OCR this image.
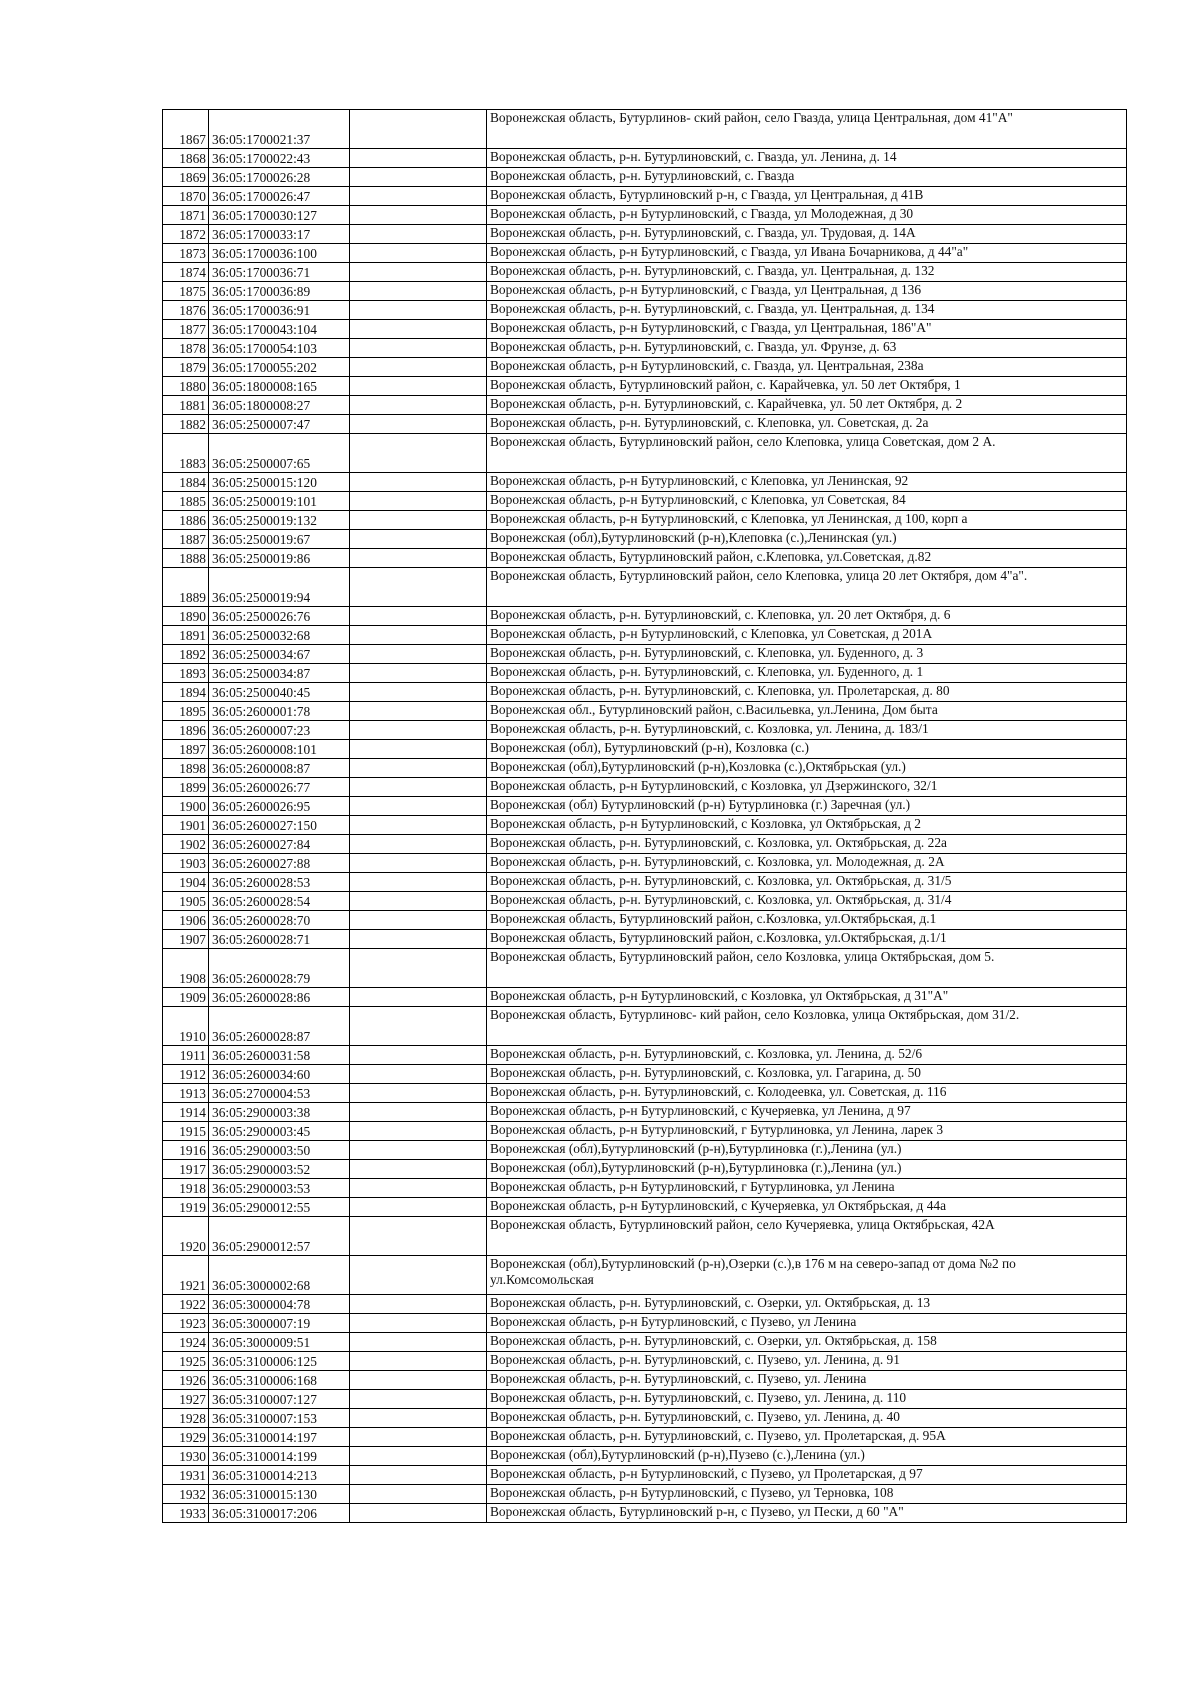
1867	36:05:1700021:37		Воронежская область, Бутурлинов- ский район, село Гвазда, улица Центральная, дом 41"А"
1868	36:05:1700022:43		Воронежская область, р-н. Бутурлиновский, с. Гвазда, ул. Ленина, д. 14
1869	36:05:1700026:28		Воронежская область, р-н. Бутурлиновский, с. Гвазда
1870	36:05:1700026:47		Воронежская область, Бутурлиновский р-н, с Гвазда, ул Центральная, д 41В
1871	36:05:1700030:127		Воронежская область, р-н Бутурлиновский, с Гвазда, ул Молодежная, д 30
1872	36:05:1700033:17		Воронежская область, р-н. Бутурлиновский, с. Гвазда, ул. Трудовая, д. 14А
1873	36:05:1700036:100		Воронежская область, р-н Бутурлиновский, с Гвазда, ул Ивана Бочарникова, д 44"а"
1874	36:05:1700036:71		Воронежская область, р-н. Бутурлиновский, с. Гвазда, ул. Центральная, д. 132
1875	36:05:1700036:89		Воронежская область, р-н Бутурлиновский, с Гвазда, ул Центральная, д 136
1876	36:05:1700036:91		Воронежская область, р-н. Бутурлиновский, с. Гвазда, ул. Центральная, д. 134
1877	36:05:1700043:104		Воронежская область, р-н Бутурлиновский, с Гвазда, ул Центральная, 186"А"
1878	36:05:1700054:103		Воронежская область, р-н. Бутурлиновский, с. Гвазда, ул. Фрунзе, д. 63
1879	36:05:1700055:202		Воронежская область, р-н Бутурлиновский, с. Гвазда, ул. Центральная, 238а
1880	36:05:1800008:165		Воронежская область, Бутурлиновский район, с. Карайчевка, ул. 50 лет Октября, 1
1881	36:05:1800008:27		Воронежская область, р-н. Бутурлиновский, с. Карайчевка, ул. 50 лет Октября, д. 2
1882	36:05:2500007:47		Воронежская область, р-н. Бутурлиновский, с. Клеповка, ул. Советская, д. 2а
1883	36:05:2500007:65		Воронежская область, Бутурлиновский район, село Клеповка, улица Советская, дом 2 А.
1884	36:05:2500015:120		Воронежская область, р-н Бутурлиновский, с Клеповка, ул Ленинская, 92
1885	36:05:2500019:101		Воронежская область, р-н Бутурлиновский, с Клеповка, ул Советская, 84
1886	36:05:2500019:132		Воронежская область, р-н Бутурлиновский, с Клеповка, ул Ленинская, д 100, корп а
1887	36:05:2500019:67		Воронежская (обл),Бутурлиновский (р-н),Клеповка (с.),Ленинская (ул.)
1888	36:05:2500019:86		Воронежская область, Бутурлиновский район, с.Клеповка, ул.Советская, д.82
1889	36:05:2500019:94		Воронежская область, Бутурлиновский район, село Клеповка, улица 20 лет Октября, дом 4"а".
1890	36:05:2500026:76		Воронежская область, р-н. Бутурлиновский, с. Клеповка, ул. 20 лет Октября, д. 6
1891	36:05:2500032:68		Воронежская область, р-н Бутурлиновский, с Клеповка, ул Советская, д 201А
1892	36:05:2500034:67		Воронежская область, р-н. Бутурлиновский, с. Клеповка, ул. Буденного, д. 3
1893	36:05:2500034:87		Воронежская область, р-н. Бутурлиновский, с. Клеповка, ул. Буденного, д. 1
1894	36:05:2500040:45		Воронежская область, р-н. Бутурлиновский, с. Клеповка, ул. Пролетарская, д. 80
1895	36:05:2600001:78		Воронежская обл., Бутурлиновский район, с.Васильевка, ул.Ленина, Дом быта
1896	36:05:2600007:23		Воронежская область, р-н. Бутурлиновский, с. Козловка, ул. Ленина, д. 183/1
1897	36:05:2600008:101		Воронежская (обл), Бутурлиновский (р-н), Козловка (с.)
1898	36:05:2600008:87		Воронежская (обл),Бутурлиновский (р-н),Козловка (с.),Октябрьская (ул.)
1899	36:05:2600026:77		Воронежская область, р-н Бутурлиновский, с Козловка, ул Дзержинского, 32/1
1900	36:05:2600026:95		Воронежская (обл) Бутурлиновский (р-н) Бутурлиновка (г.) Заречная (ул.)
1901	36:05:2600027:150		Воронежская область, р-н Бутурлиновский, с Козловка, ул Октябрьская, д 2
1902	36:05:2600027:84		Воронежская область, р-н. Бутурлиновский, с. Козловка, ул. Октябрьская, д. 22а
1903	36:05:2600027:88		Воронежская область, р-н. Бутурлиновский, с. Козловка, ул. Молодежная, д. 2А
1904	36:05:2600028:53		Воронежская область, р-н. Бутурлиновский, с. Козловка, ул. Октябрьская, д. 31/5
1905	36:05:2600028:54		Воронежская область, р-н. Бутурлиновский, с. Козловка, ул. Октябрьская, д. 31/4
1906	36:05:2600028:70		Воронежская область, Бутурлиновский район, с.Козловка, ул.Октябрьская, д.1
1907	36:05:2600028:71		Воронежская область, Бутурлиновский район, с.Козловка, ул.Октябрьская, д.1/1
1908	36:05:2600028:79		Воронежская область, Бутурлиновский район, село Козловка, улица Октябрьская, дом 5.
1909	36:05:2600028:86		Воронежская область, р-н Бутурлиновский, с Козловка, ул Октябрьская, д 31"А"
1910	36:05:2600028:87		Воронежская область, Бутурлиновс- кий район, село Козловка, улица Октябрьская, дом 31/2.
1911	36:05:2600031:58		Воронежская область, р-н. Бутурлиновский, с. Козловка, ул. Ленина, д. 52/6
1912	36:05:2600034:60		Воронежская область, р-н. Бутурлиновский, с. Козловка, ул. Гагарина, д. 50
1913	36:05:2700004:53		Воронежская область, р-н. Бутурлиновский, с. Колодеевка, ул. Советская, д. 116
1914	36:05:2900003:38		Воронежская область, р-н Бутурлиновский, с Кучеряевка, ул Ленина, д 97
1915	36:05:2900003:45		Воронежская область, р-н Бутурлиновский, г Бутурлиновка, ул Ленина, ларек 3
1916	36:05:2900003:50		Воронежская (обл),Бутурлиновский (р-н),Бутурлиновка (г.),Ленина (ул.)
1917	36:05:2900003:52		Воронежская (обл),Бутурлиновский (р-н),Бутурлиновка (г.),Ленина (ул.)
1918	36:05:2900003:53		Воронежская область, р-н Бутурлиновский, г Бутурлиновка, ул Ленина
1919	36:05:2900012:55		Воронежская область, р-н Бутурлиновский, с Кучеряевка, ул Октябрьская, д 44а
1920	36:05:2900012:57		Воронежская область, Бутурлиновский район, село Кучеряевка, улица Октябрьская, 42А
1921	36:05:3000002:68		Воронежская (обл),Бутурлиновский (р-н),Озерки (с.),в 176 м на северо-запад от дома №2 по ул.Комсомольская
1922	36:05:3000004:78		Воронежская область, р-н. Бутурлиновский, с. Озерки, ул. Октябрьская, д. 13
1923	36:05:3000007:19		Воронежская область, р-н Бутурлиновский, с Пузево, ул Ленина
1924	36:05:3000009:51		Воронежская область, р-н. Бутурлиновский, с. Озерки, ул. Октябрьская, д. 158
1925	36:05:3100006:125		Воронежская область, р-н. Бутурлиновский, с. Пузево, ул. Ленина, д. 91
1926	36:05:3100006:168		Воронежская область, р-н. Бутурлиновский, с. Пузево, ул. Ленина
1927	36:05:3100007:127		Воронежская область, р-н. Бутурлиновский, с. Пузево, ул. Ленина, д. 110
1928	36:05:3100007:153		Воронежская область, р-н. Бутурлиновский, с. Пузево, ул. Ленина, д. 40
1929	36:05:3100014:197		Воронежская область, р-н. Бутурлиновский, с. Пузево, ул. Пролетарская, д. 95А
1930	36:05:3100014:199		Воронежская (обл),Бутурлиновский (р-н),Пузево (с.),Ленина (ул.)
1931	36:05:3100014:213		Воронежская область, р-н Бутурлиновский, с Пузево, ул Пролетарская, д 97
1932	36:05:3100015:130		Воронежская область, р-н Бутурлиновский, с Пузево, ул Терновка, 108
1933	36:05:3100017:206		Воронежская область, Бутурлиновский р-н, с Пузево, ул Пески, д 60 "А"
